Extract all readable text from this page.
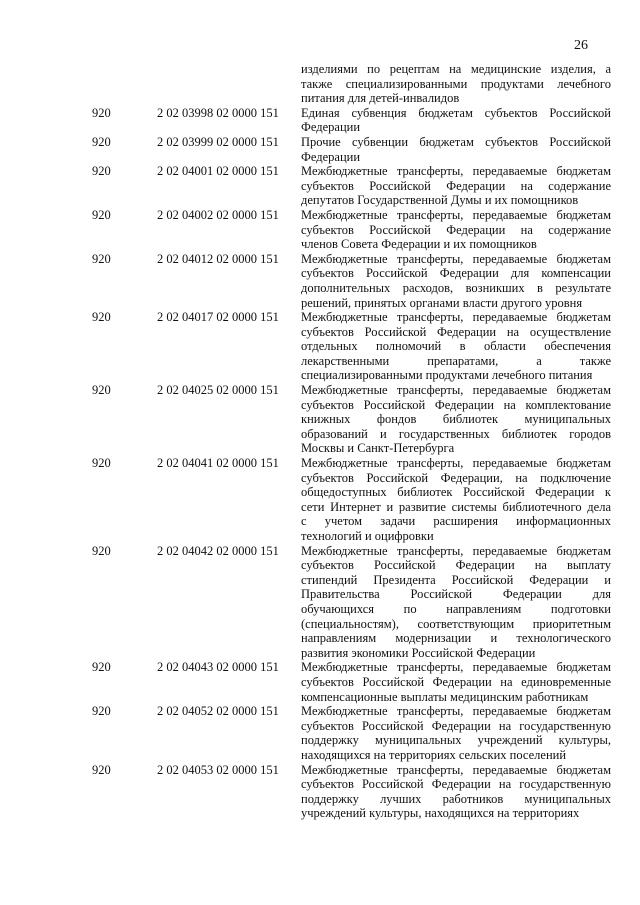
26
изделиями по рецептам на медицинские изделия, а
также специализированными продуктами лечебного
питания для детей-инвалидов
920	2 02 03998 02 0000 151 Единая субвенция бюджетам субъектов Российской
Федерации
920	2 02 03999 02 0000 151 Прочие субвенции бюджетам субъектов Российской
Федерации
920	2 02 04001 02 0000 151 Межбюджетные трансферты, передаваемые бюджетам
субъектов Российской Федерации на содержание
депутатов Государственной Думы и их помощников
920	2 02 04002 02 0000 151 Межбюджетные трансферты, передаваемые бюджетам
субъектов Российской Федерации на содержание
членов Совета Федерации и их помощников
920	2 02 04012 02 0000 151 Межбюджетные трансферты, передаваемые бюджетам
субъектов Российской Федерации для компенсации
дополнительных расходов, возникших в результате
решений, принятых органами власти другого уровня
920	2 02 04017 02 0000 151 Межбюджетные трансферты, передаваемые бюджетам
субъектов Российской Федерации на осуществление
отдельных полномочий в области обеспечения
лекарственными препаратами, а также
специализированными продуктами лечебного питания
920	2 02 04025 02 0000 151 Межбюджетные трансферты, передаваемые бюджетам
субъектов Российской Федерации на комплектование
книжных фондов библиотек муниципальных
образований и государственных библиотек городов
Москвы и Санкт-Петербурга
920	2 02 04041 02 0000 151 Межбюджетные трансферты, передаваемые бюджетам
субъектов Российской Федерации, на подключение
общедоступных библиотек Российской Федерации к
сети Интернет и развитие системы библиотечного дела
с учетом задачи расширения информационных
технологий и оцифровки
920	2 02 04042 02 0000 151 Межбюджетные трансферты, передаваемые бюджетам
субъектов Российской Федерации на выплату
стипендий Президента Российской Федерации и
Правительства Российской Федерации для
обучающихся по направлениям подготовки
(специальностям), соответствующим приоритетным
направлениям модернизации и технологического
развития экономики Российской Федерации
920	2 02 04043 02 0000 151 Межбюджетные трансферты, передаваемые бюджетам
субъектов Российской Федерации на единовременные
компенсационные выплаты медицинским работникам
920	2 02 04052 02 0000 151 Межбюджетные трансферты, передаваемые бюджетам
субъектов Российской Федерации на государственную
поддержку муниципальных учреждений культуры,
находящихся на территориях сельских поселений
920	2 02 04053 02 0000 151 Межбюджетные трансферты, передаваемые бюджетам
субъектов Российской Федерации на государственную
поддержку лучших работников муниципальных
учреждений культуры, находящихся на территориях
